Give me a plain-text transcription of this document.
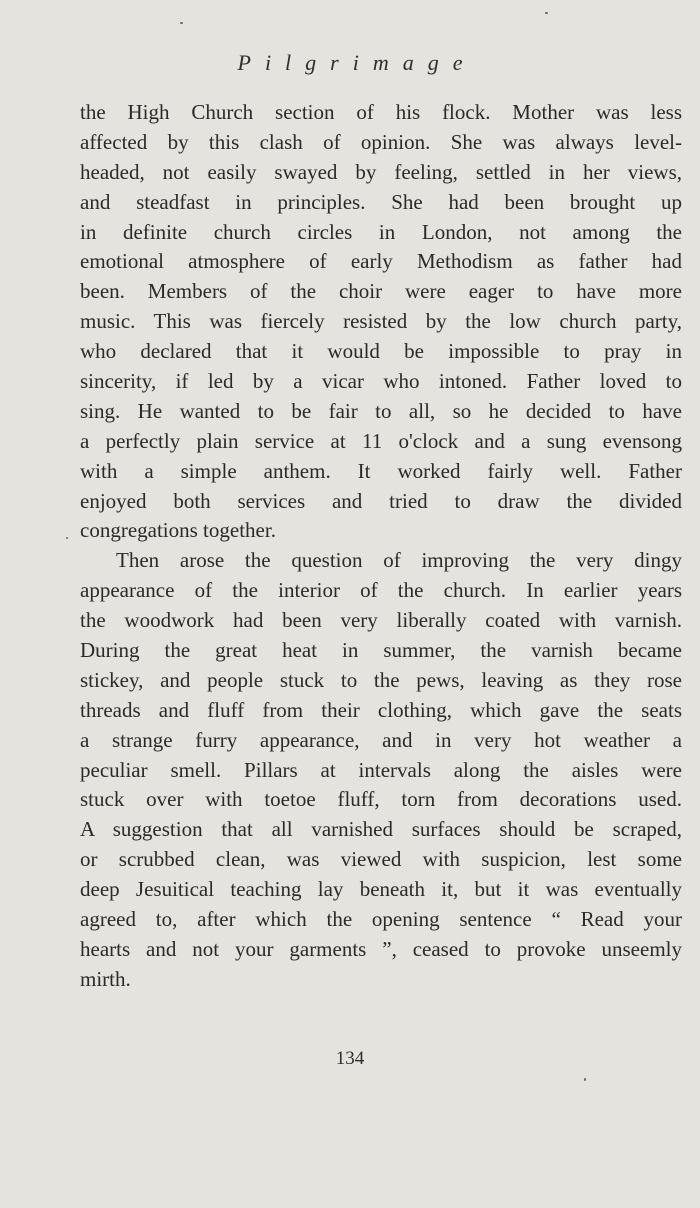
Pilgrimage
the High Church section of his flock. Mother was less
affected by this clash of opinion. She was always level-
headed, not easily swayed by feeling, settled in her views,
and steadfast in principles. She had been brought up
in definite church circles in London, not among the
emotional atmosphere of early Methodism as father had
been. Members of the choir were eager to have more
music. This was fiercely resisted by the low church party,
who declared that it would be impossible to pray in
sincerity, if led by a vicar who intoned. Father loved to
sing. He wanted to be fair to all, so he decided to have
a perfectly plain service at 11 o'clock and a sung evensong
with a simple anthem. It worked fairly well. Father
enjoyed both services and tried to draw the divided
congregations together.
Then arose the question of improving the very dingy
appearance of the interior of the church. In earlier years
the woodwork had been very liberally coated with varnish.
During the great heat in summer, the varnish became
stickey, and people stuck to the pews, leaving as they rose
threads and fluff from their clothing, which gave the seats
a strange furry appearance, and in very hot weather a
peculiar smell. Pillars at intervals along the aisles were
stuck over with toetoe fluff, torn from decorations used.
A suggestion that all varnished surfaces should be scraped,
or scrubbed clean, was viewed with suspicion, lest some
deep Jesuitical teaching lay beneath it, but it was eventually
agreed to, after which the opening sentence “ Read your
hearts and not your garments ”, ceased to provoke unseemly
mirth.
134
